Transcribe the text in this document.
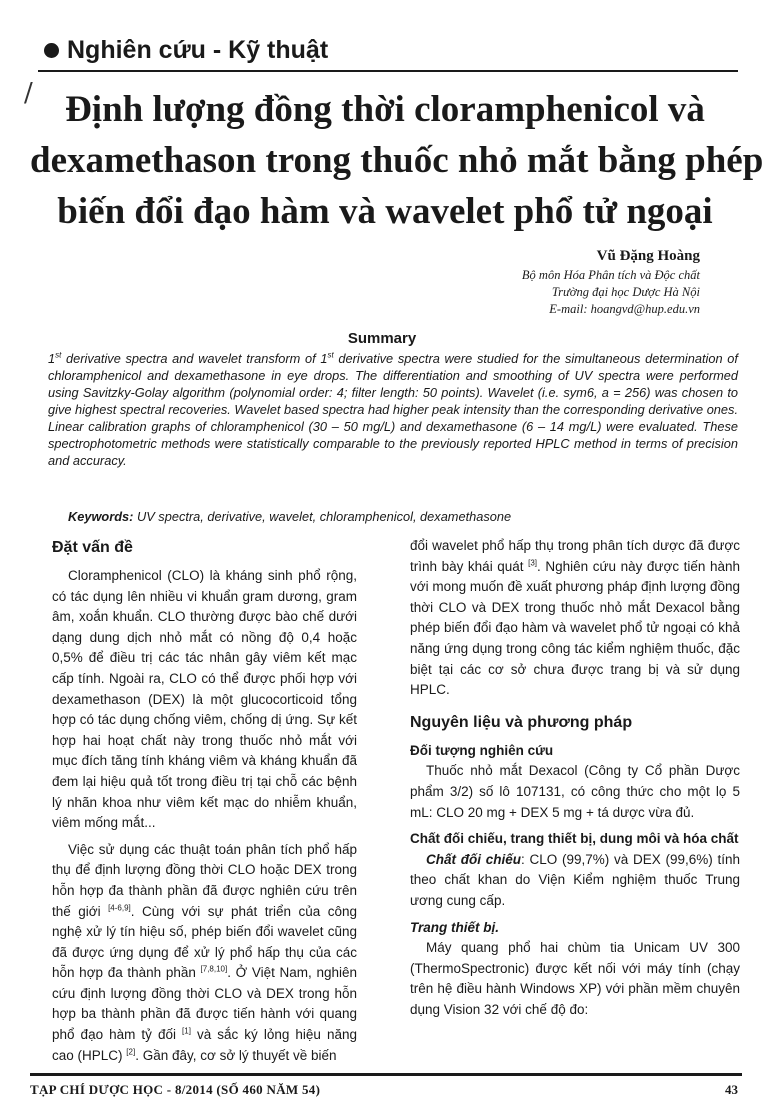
Nghiên cứu - Kỹ thuật
/ Định lượng đồng thời cloramphenicol và
dexamethason trong thuốc nhỏ mắt bằng phép
biến đổi đạo hàm và wavelet phổ tử ngoại
Vũ Đặng Hoàng
Bộ môn Hóa Phân tích và Độc chất
Trường đại học Dược Hà Nội
E-mail: hoangvd@hup.edu.vn
Summary

1st derivative spectra and wavelet transform of 1st derivative spectra were studied for the simultaneous determination of chloramphenicol and dexamethasone in eye drops. The differentiation and smoothing of UV spectra were performed using Savitzky-Golay algorithm (polynomial order: 4; filter length: 50 points). Wavelet (i.e. sym6, a = 256) was chosen to give highest spectral recoveries. Wavelet based spectra had higher peak intensity than the corresponding derivative ones. Linear calibration graphs of chloramphenicol (30 – 50 mg/L) and dexamethasone (6 – 14 mg/L) were evaluated. These spectrophotometric methods were statistically comparable to the previously reported HPLC method in terms of precision and accuracy.

Keywords: UV spectra, derivative, wavelet, chloramphenicol, dexamethasone

Đặt vấn đề

Cloramphenicol (CLO) là kháng sinh phổ rộng, có tác dụng lên nhiều vi khuẩn gram dương, gram âm, xoắn khuẩn. CLO thường được bào chế dưới dạng dung dịch nhỏ mắt có nồng độ 0,4 hoặc 0,5% để điều trị các tác nhân gây viêm kết mạc cấp tính. Ngoài ra, CLO có thể được phối hợp với dexamethason (DEX) là một glucocorticoid tổng hợp có tác dụng chống viêm, chống dị ứng. Sự kết hợp hai hoạt chất này trong thuốc nhỏ mắt với mục đích tăng tính kháng viêm và kháng khuẩn đã đem lại hiệu quả tốt trong điều trị tại chỗ các bệnh lý nhãn khoa như viêm kết mạc do nhiễm khuẩn, viêm mống mắt...

Việc sử dụng các thuật toán phân tích phổ hấp thụ để định lượng đồng thời CLO hoặc DEX trong hỗn hợp đa thành phần đã được nghiên cứu trên thế giới [4-6,9]. Cùng với sự phát triển của công nghệ xử lý tín hiệu số, phép biến đổi wavelet cũng đã được ứng dụng để xử lý phổ hấp thụ của các hỗn hợp đa thành phần [7,8,10]. Ở Việt Nam, nghiên cứu định lượng đồng thời CLO và DEX trong hỗn hợp ba thành phần đã được tiến hành với quang phổ đạo hàm tỷ đối [1] và sắc ký lỏng hiệu năng cao (HPLC) [2]. Gần đây, cơ sở lý thuyết về biến

đổi wavelet phổ hấp thụ trong phân tích dược đã được trình bày khái quát [3]. Nghiên cứu này được tiến hành với mong muốn đề xuất phương pháp định lượng đồng thời CLO và DEX trong thuốc nhỏ mắt Dexacol bằng phép biến đổi đạo hàm và wavelet phổ tử ngoại có khả năng ứng dụng trong công tác kiểm nghiệm thuốc, đặc biệt tại các cơ sở chưa được trang bị và sử dụng HPLC.

Nguyên liệu và phương pháp
Đối tượng nghiên cứu

Thuốc nhỏ mắt Dexacol (Công ty Cổ phần Dược phẩm 3/2) số lô 107131, có công thức cho một lọ 5 mL: CLO 20 mg + DEX 5 mg + tá dược vừa đủ.

Chất đối chiếu, trang thiết bị, dung môi và hóa chất

Chất đối chiếu: CLO (99,7%) và DEX (99,6%) tính theo chất khan do Viện Kiểm nghiệm thuốc Trung ương cung cấp.

Trang thiết bị.

Máy quang phổ hai chùm tia Unicam UV 300 (ThermoSpectronic) được kết nối với máy tính (chạy trên hệ điều hành Windows XP) với phần mềm chuyên dụng Vision 32 với chế độ đo:

TẠP CHÍ DƯỢC HỌC - 8/2014 (SỐ 460 NĂM 54)	43
